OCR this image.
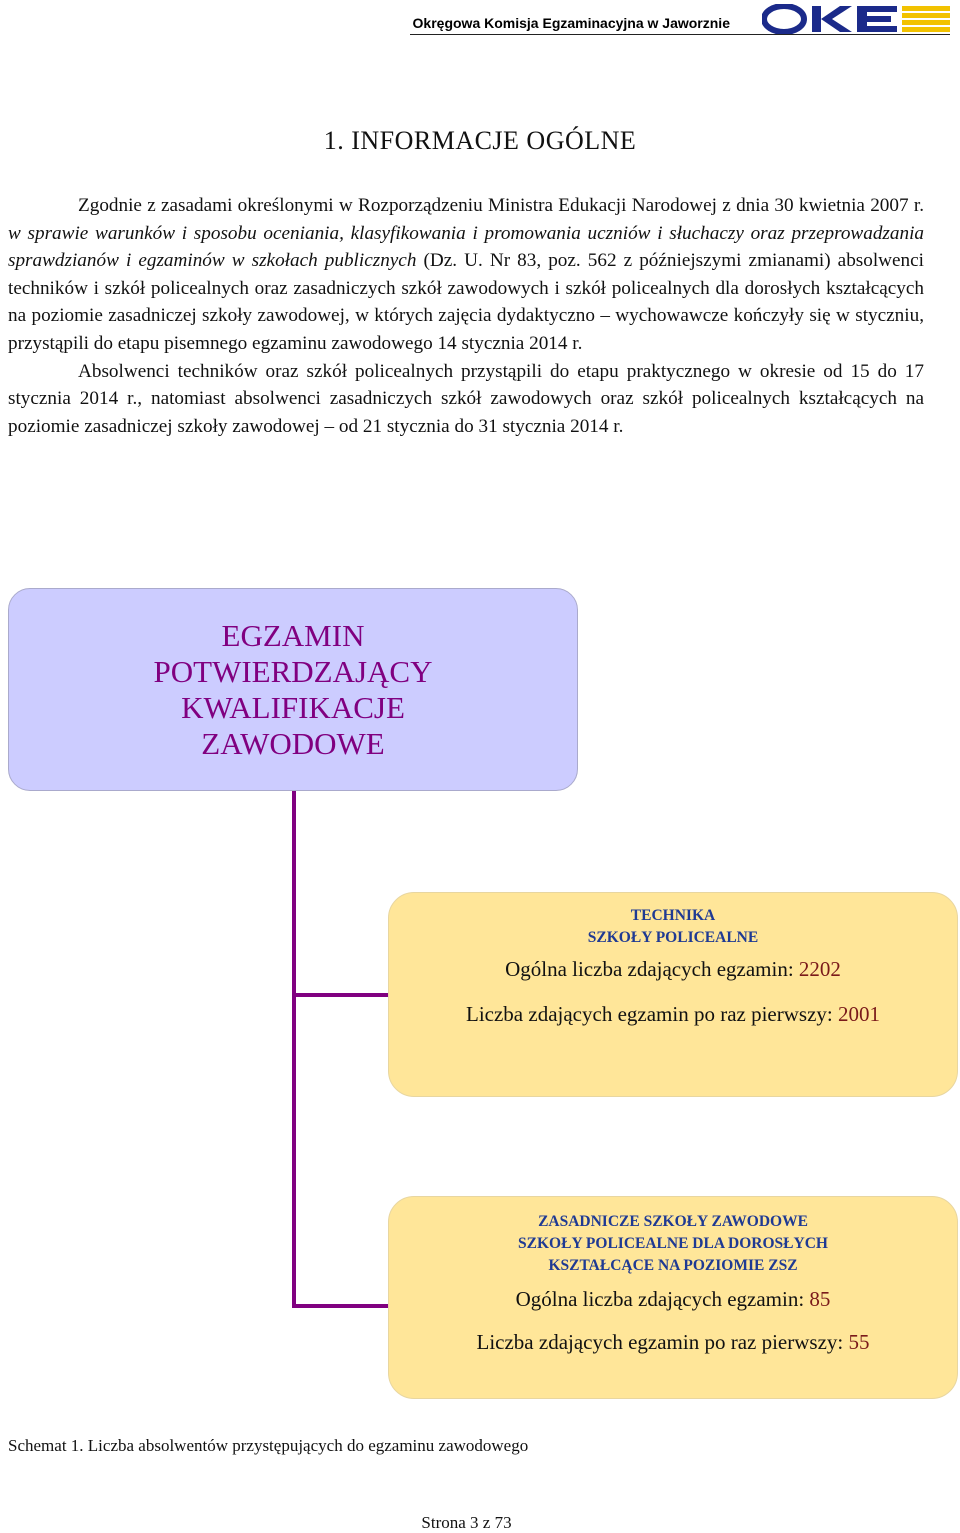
Okręgowa Komisja Egzaminacyjna w Jaworznie
1. INFORMACJE OGÓLNE

Zgodnie z zasadami określonymi w Rozporządzeniu Ministra Edukacji Narodowej z dnia 30 kwietnia 2007 r. w sprawie warunków i sposobu oceniania, klasyfikowania i promowania uczniów i słuchaczy oraz przeprowadzania sprawdzianów i egzaminów w szkołach publicznych (Dz. U. Nr 83, poz. 562 z późniejszymi zmianami) absolwenci techników i szkół policealnych oraz zasadniczych szkół zawodowych i szkół policealnych dla dorosłych kształcących na poziomie zasadniczej szkoły zawodowej, w których zajęcia dydaktyczno – wychowawcze kończyły się w styczniu, przystąpili do etapu pisemnego egzaminu zawodowego 14 stycznia 2014 r.

Absolwenci techników oraz szkół policealnych przystąpili do etapu praktycznego w okresie od 15 do 17 stycznia 2014 r., natomiast absolwenci zasadniczych szkół zawodowych oraz szkół policealnych kształcących na poziomie zasadniczej szkoły zawodowej – od 21 stycznia do 31 stycznia 2014 r.

EGZAMIN
POTWIERDZAJĄCY
KWALIFIKACJE
ZAWODOWE
TECHNIKA
SZKOŁY POLICEALNE
Ogólna liczba zdających egzamin: 2202
Liczba zdających egzamin po raz pierwszy: 2001
ZASADNICZE SZKOŁY ZAWODOWE
SZKOŁY POLICEALNE DLA DOROSŁYCH
KSZTAŁCĄCE NA POZIOMIE ZSZ
Ogólna liczba zdających egzamin: 85
Liczba zdających egzamin po raz pierwszy: 55
Schemat 1. Liczba absolwentów przystępujących do egzaminu zawodowego
Strona 3 z 73
